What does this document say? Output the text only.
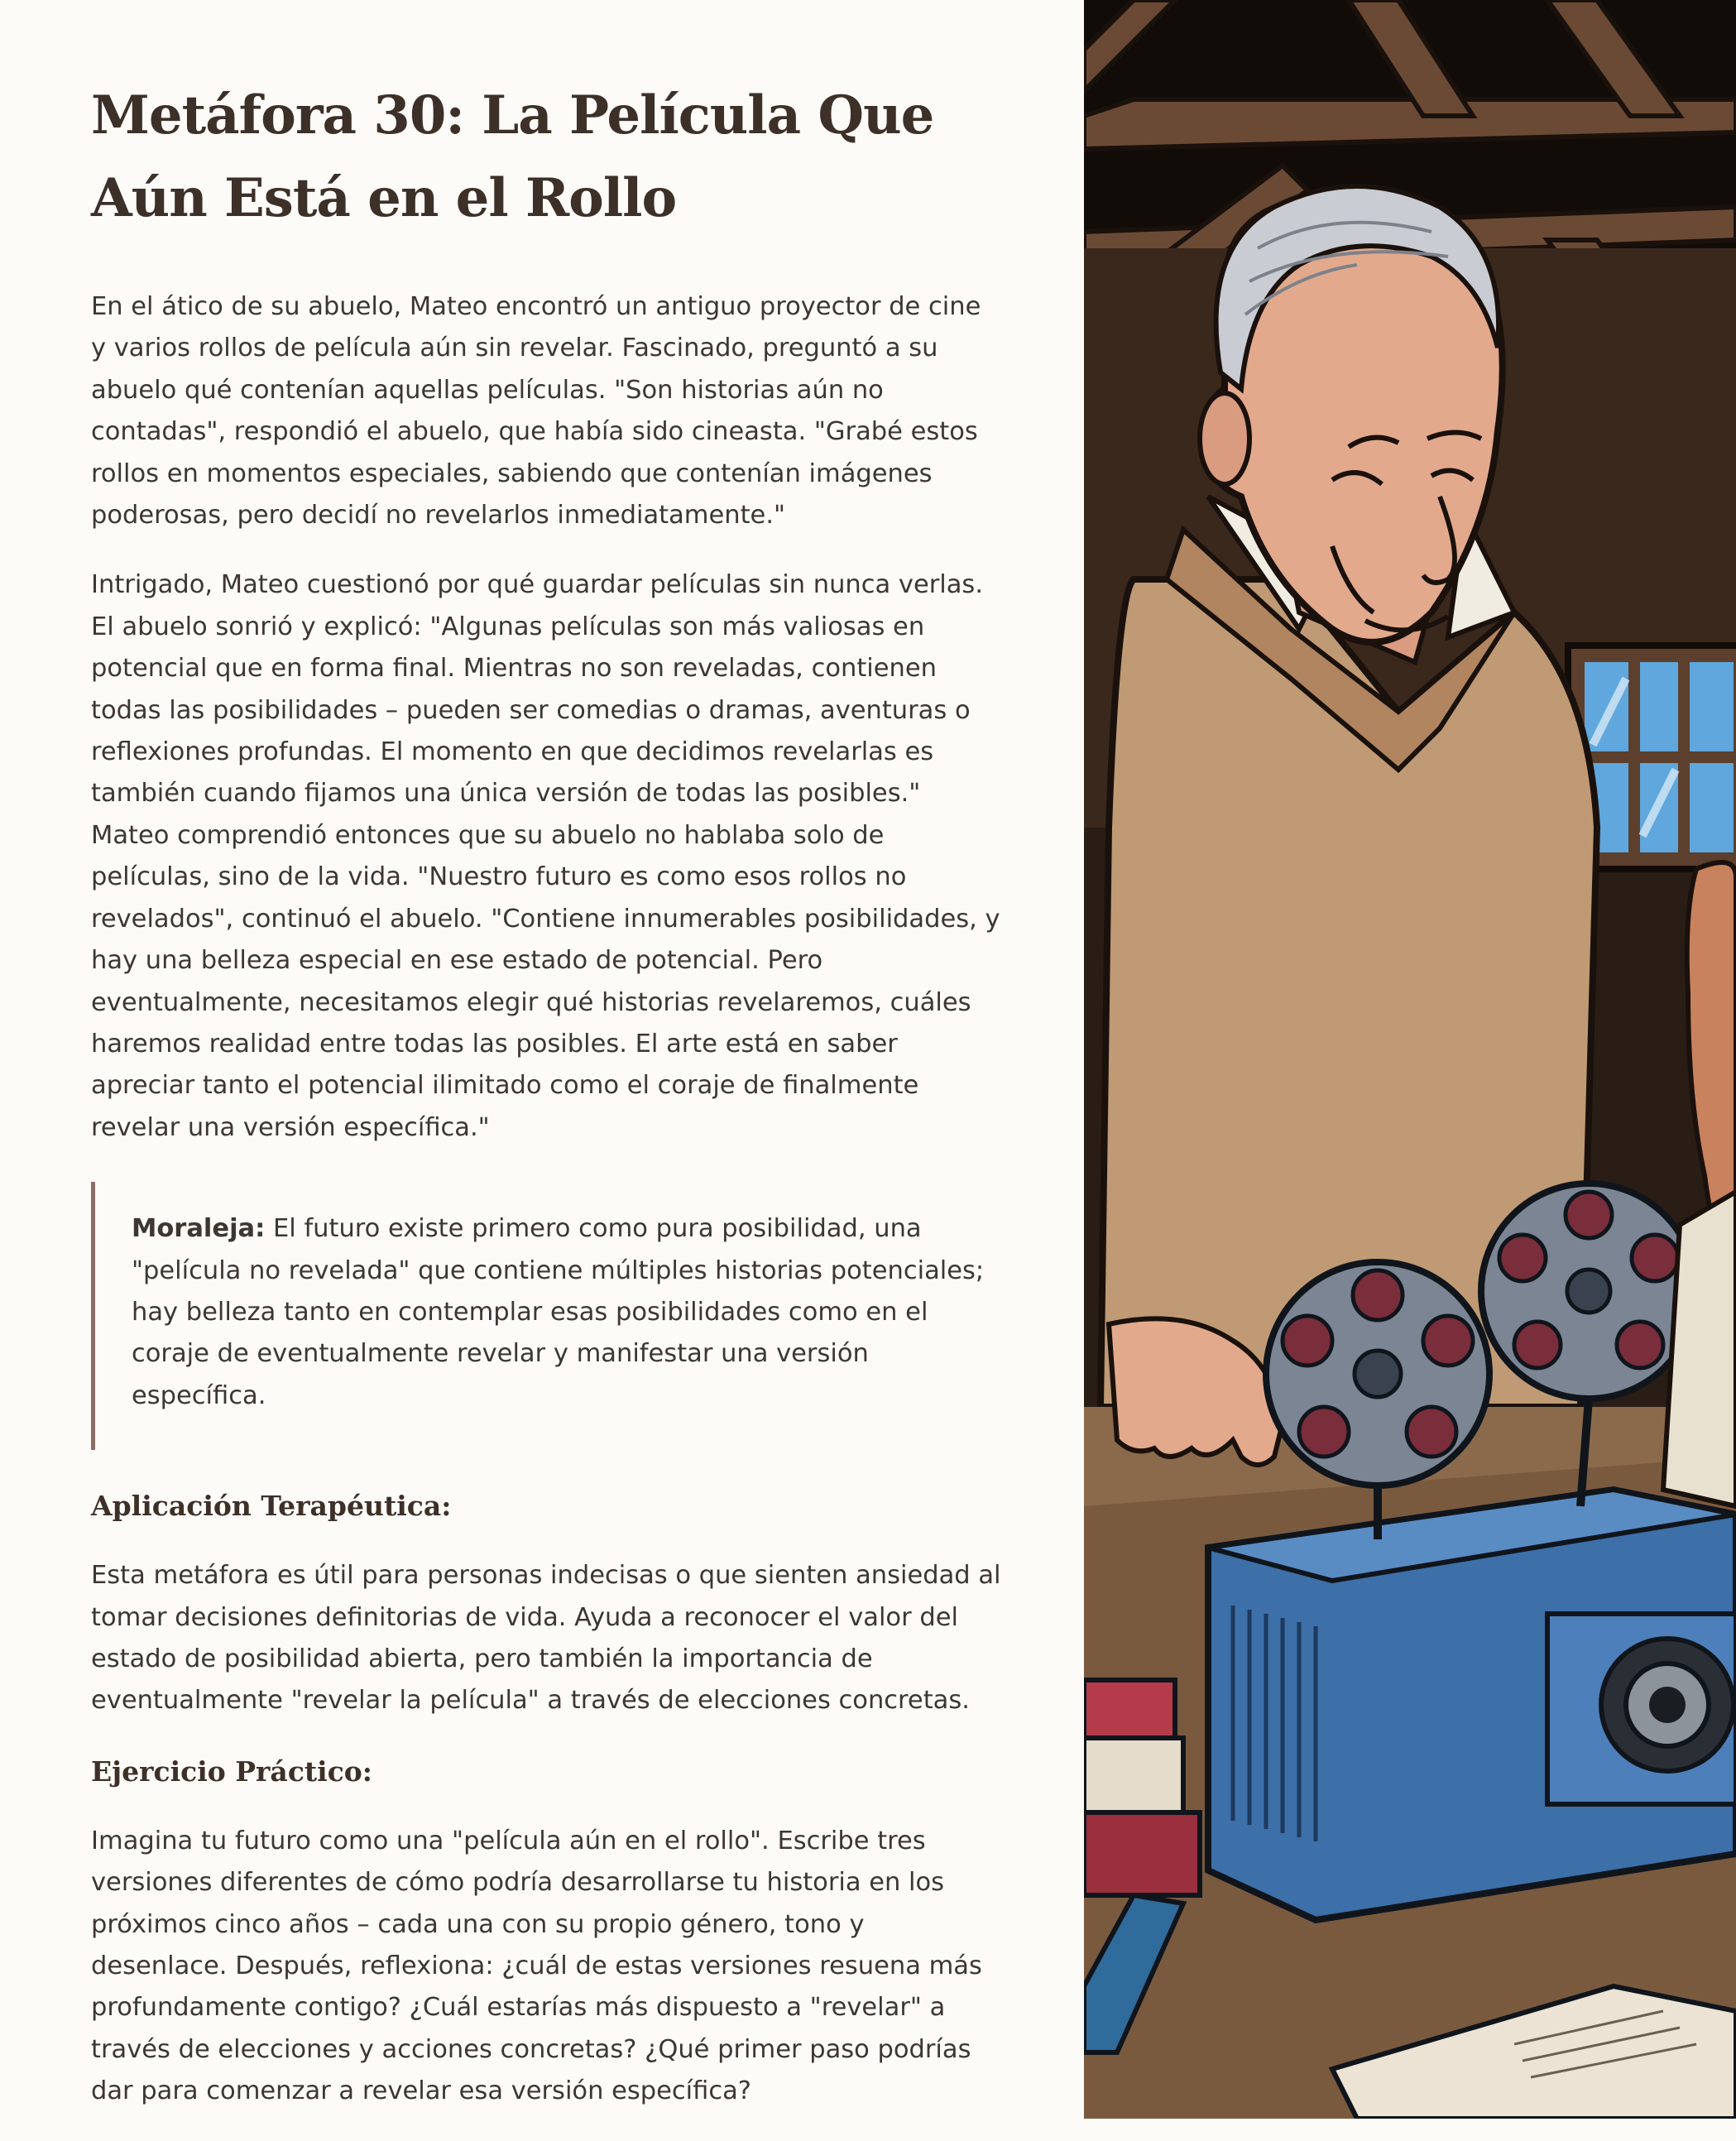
Metáfora 30: La Película Que Aún Está en el Rollo

En el ático de su abuelo, Mateo encontró un antiguo proyector de cine y varios rollos de película aún sin revelar. Fascinado, preguntó a su abuelo qué contenían aquellas películas. "Son historias aún no contadas", respondió el abuelo, que había sido cineasta. "Grabé estos rollos en momentos especiales, sabiendo que contenían imágenes poderosas, pero decidí no revelarlos inmediatamente."

Intrigado, Mateo cuestionó por qué guardar películas sin nunca verlas. El abuelo sonrió y explicó: "Algunas películas son más valiosas en potencial que en forma final. Mientras no son reveladas, contienen todas las posibilidades – pueden ser comedias o dramas, aventuras o reflexiones profundas. El momento en que decidimos revelarlas es también cuando fijamos una única versión de todas las posibles." Mateo comprendió entonces que su abuelo no hablaba solo de películas, sino de la vida. "Nuestro futuro es como esos rollos no revelados", continuó el abuelo. "Contiene innumerables posibilidades, y hay una belleza especial en ese estado de potencial. Pero eventualmente, necesitamos elegir qué historias revelaremos, cuáles haremos realidad entre todas las posibles. El arte está en saber apreciar tanto el potencial ilimitado como el coraje de finalmente revelar una versión específica."

Moraleja: El futuro existe primero como pura posibilidad, una "película no revelada" que contiene múltiples historias potenciales; hay belleza tanto en contemplar esas posibilidades como en el coraje de eventualmente revelar y manifestar una versión específica.
Aplicación Terapéutica:

Esta metáfora es útil para personas indecisas o que sienten ansiedad al tomar decisiones definitorias de vida. Ayuda a reconocer el valor del estado de posibilidad abierta, pero también la importancia de eventualmente "revelar la película" a través de elecciones concretas.

Ejercicio Práctico:

Imagina tu futuro como una "película aún en el rollo". Escribe tres versiones diferentes de cómo podría desarrollarse tu historia en los próximos cinco años – cada una con su propio género, tono y desenlace. Después, reflexiona: ¿cuál de estas versiones resuena más profundamente contigo? ¿Cuál estarías más dispuesto a "revelar" a través de elecciones y acciones concretas? ¿Qué primer paso podrías dar para comenzar a revelar esa versión específica?
